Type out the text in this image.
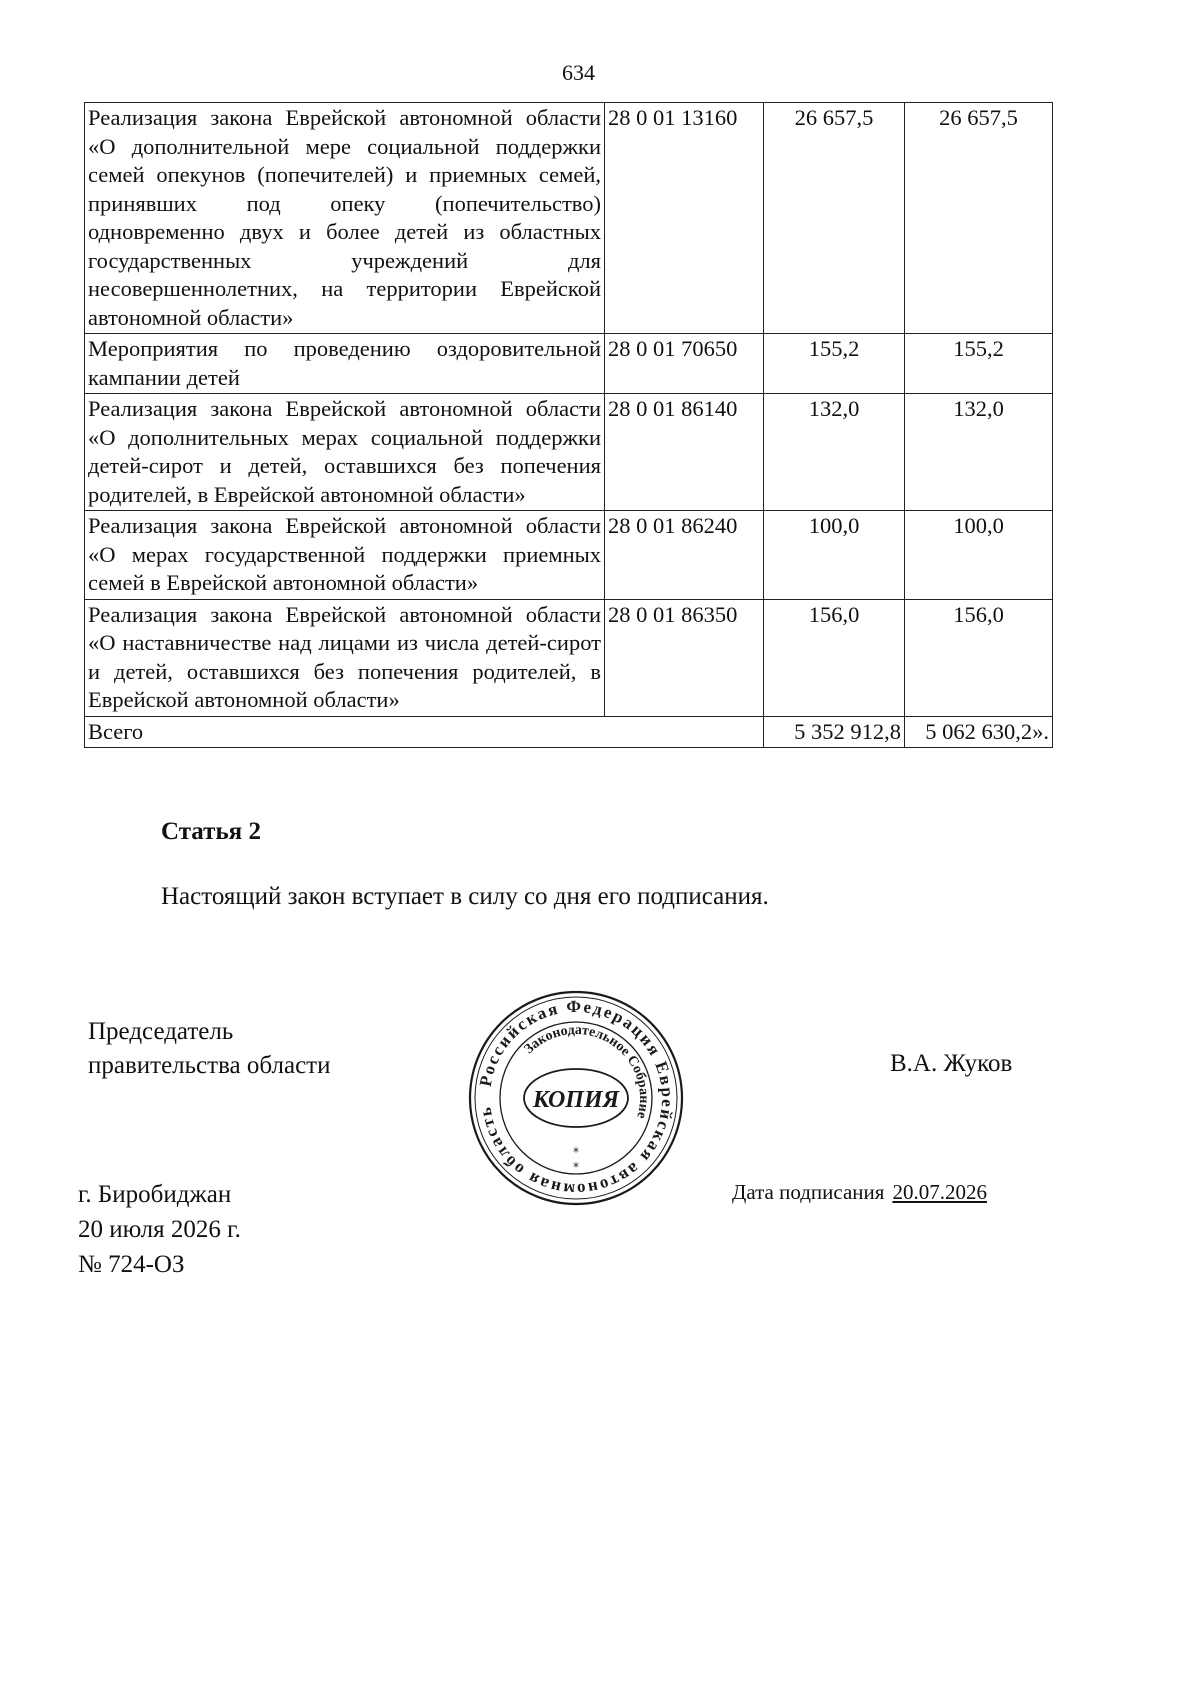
634
Реализация закона Еврейской автономной области «О дополнительной мере социальной поддержки семей опекунов (попечителей) и приемных семей, принявших под опеку (попечительство) одновременно двух и более детей из областных государственных учреждений для несовершеннолетних, на территории Еврейской автономной области»	28 0 01 13160	26 657,5	26 657,5
Мероприятия по проведению оздоровительной кампании детей	28 0 01 70650	155,2	155,2
Реализация закона Еврейской автономной области «О дополнительных мерах социальной поддержки детей-сирот и детей, оставшихся без попечения родителей, в Еврейской автономной области»	28 0 01 86140	132,0	132,0
Реализация закона Еврейской автономной области «О мерах государственной поддержки приемных семей в Еврейской автономной области»	28 0 01 86240	100,0	100,0
Реализация закона Еврейской автономной области «О наставничестве над лицами из числа детей-сирот и детей, оставшихся без попечения родителей, в Еврейской автономной области»	28 0 01 86350	156,0	156,0
Всего		5 352 912,8	5 062 630,2».
Статья 2
Настоящий закон вступает в силу со дня его подписания.
Председатель
правительства области
Российская Федерация Еврейская автономная область
Законодательное Собрание
КОПИЯ
*
*
В.А. Жуков
г. Биробиджан
20 июля 2026 г.
№ 724-ОЗ
Дата подписания 20.07.2026
